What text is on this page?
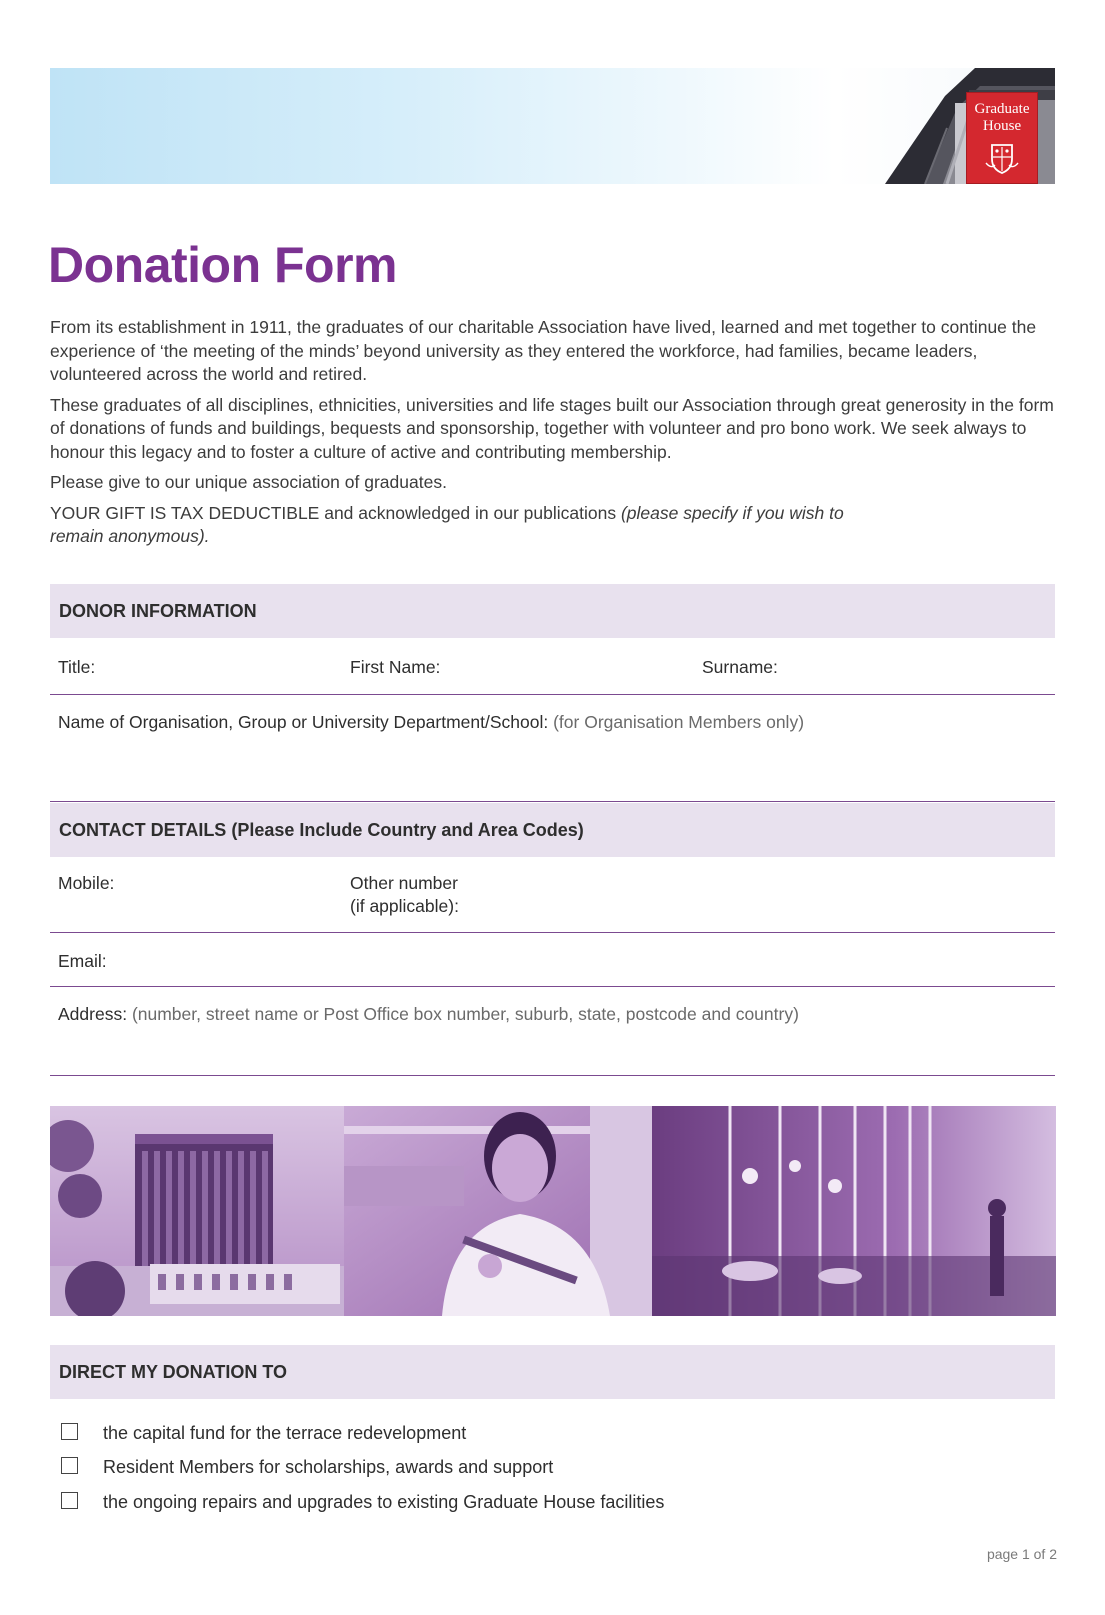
Graduate
House
Donation Form

From its establishment in 1911, the graduates of our charitable Association have lived, learned and met together to continue the experience of ‘the meeting of the minds’ beyond university as they entered the workforce, had families, became leaders, volunteered across the world and retired.

These graduates of all disciplines, ethnicities, universities and life stages built our Association through great generosity in the form of donations of funds and buildings, bequests and sponsorship, together with volunteer and pro bono work. We seek always to honour this legacy and to foster a culture of active and contributing membership.

Please give to our unique association of graduates.

YOUR GIFT IS TAX DEDUCTIBLE and acknowledged in our publications (please specify if you wish to remain anonymous).

DONOR INFORMATION
Title:	First Name:	Surname:
Name of Organisation, Group or University Department/School: (for Organisation Members only)
CONTACT DETAILS (Please Include Country and Area Codes)
Mobile:	Other number
(if applicable):
Email:
Address: (number, street name or Post Office box number, suburb, state, postcode and country)
DIRECT MY DONATION TO
the capital fund for the terrace redevelopment
Resident Members for scholarships, awards and support
the ongoing repairs and upgrades to existing Graduate House facilities
page 1 of 2
